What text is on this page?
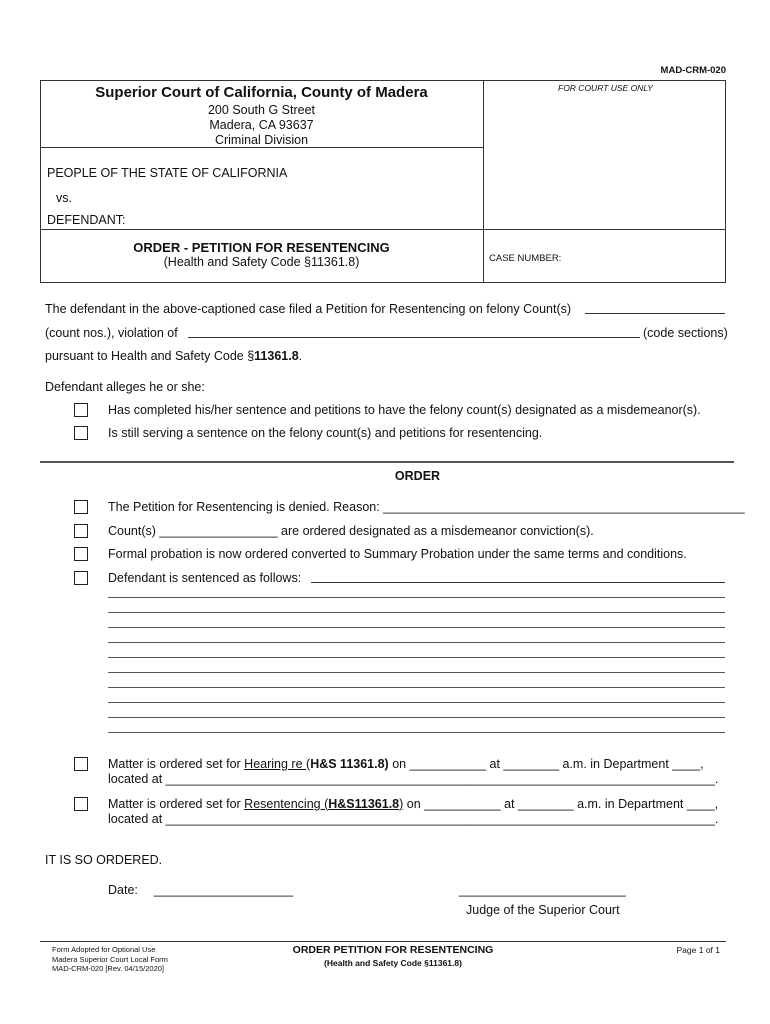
MAD-CRM-020
Superior Court of California, County of Madera
200 South G Street
Madera, CA 93637
Criminal Division
FOR COURT USE ONLY
PEOPLE OF THE STATE OF CALIFORNIA
vs.
DEFENDANT:
ORDER - PETITION FOR RESENTENCING
(Health and Safety Code §11361.8)	CASE NUMBER:
The defendant in the above-captioned case filed a Petition for Resentencing on felony Count(s)
(count nos.), violation of	(code sections)
pursuant to Health and Safety Code §11361.8.
Defendant alleges he or she:
Has completed his/her sentence and petitions to have the felony count(s) designated as a misdemeanor(s).
Is still serving a sentence on the felony count(s) and petitions for resentencing.
ORDER
The Petition for Resentencing is denied. Reason: ____________________________________________________
Count(s) _________________ are ordered designated as a misdemeanor conviction(s).
Formal probation is now ordered converted to Summary Probation under the same terms and conditions.
Defendant is sentenced as follows:
Matter is ordered set for Hearing re (H&S 11361.8) on ___________ at ________ a.m. in Department ____,
located at _______________________________________________________________________________.
Matter is ordered set for Resentencing (H&S11361.8) on ___________ at ________ a.m. in Department ____,
located at _______________________________________________________________________________.
IT IS SO ORDERED.
Date: ____________________	________________________
Judge of the Superior Court
Form Adopted for Optional Use
Madera Superior Court Local Form
MAD-CRM-020 [Rev. 04/15/2020]
ORDER PETITION FOR RESENTENCING
(Health and Safety Code §11361.8)
Page 1 of 1
